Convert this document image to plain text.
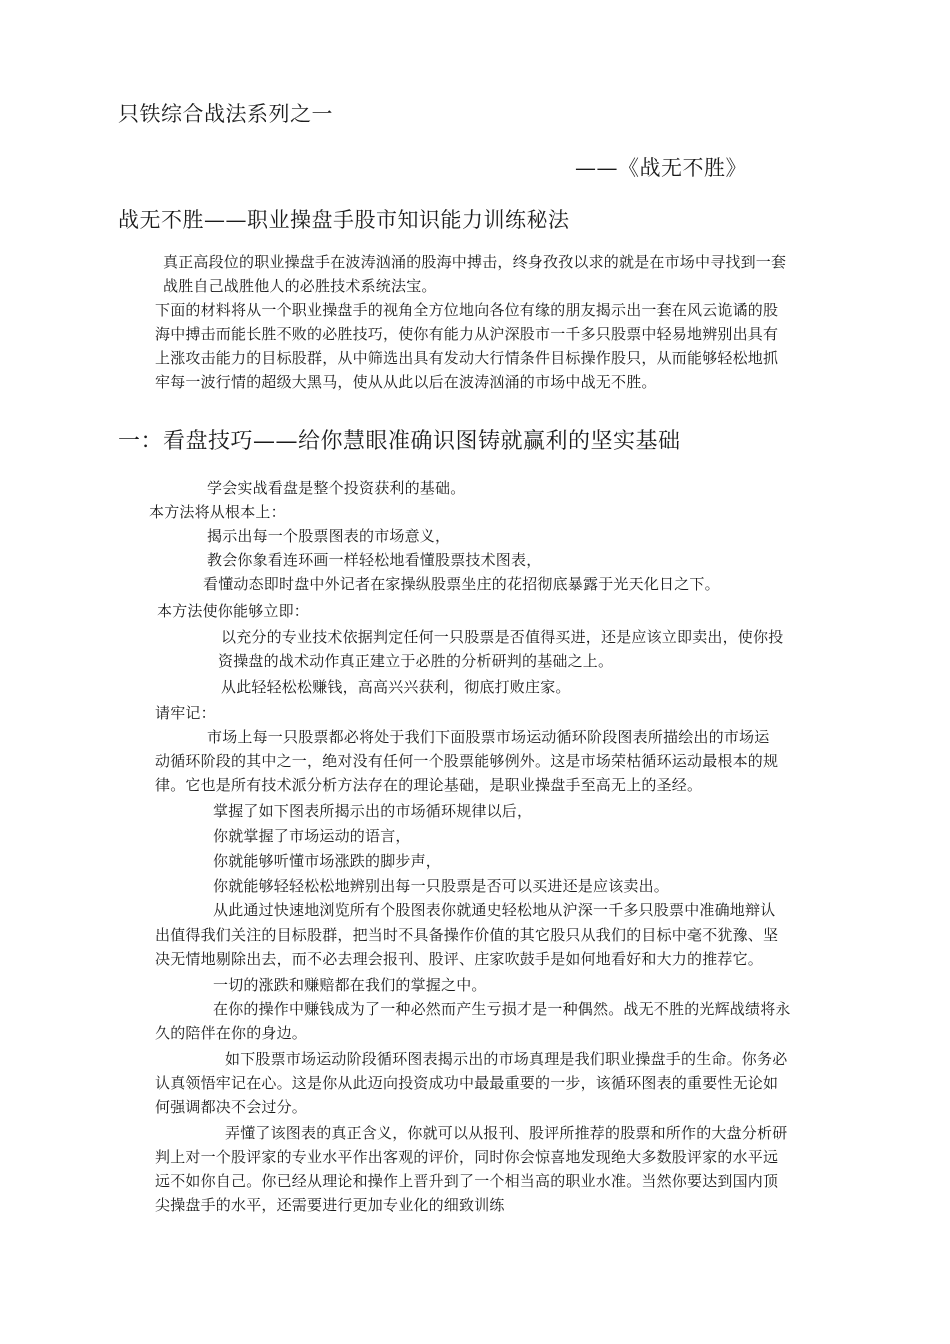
只铁综合战法系列之一

——《战无不胜》

战无不胜——职业操盘手股市知识能力训练秘法

真正高段位的职业操盘手在波涛汹涌的股海中搏击，终身孜孜以求的就是在市场中寻找到一套

战胜自己战胜他人的必胜技术系统法宝。

下面的材料将从一个职业操盘手的视角全方位地向各位有缘的朋友揭示出一套在风云诡谲的股

海中搏击而能长胜不败的必胜技巧，使你有能力从沪深股市一千多只股票中轻易地辨别出具有

上涨攻击能力的目标股群，从中筛选出具有发动大行情条件目标操作股只，从而能够轻松地抓

牢每一波行情的超级大黑马，使从从此以后在波涛汹涌的市场中战无不胜。

一：看盘技巧——给你慧眼准确识图铸就赢利的坚实基础

学会实战看盘是整个投资获利的基础。

本方法将从根本上：

揭示出每一个股票图表的市场意义，

教会你象看连环画一样轻松地看懂股票技术图表，

看懂动态即时盘中外记者在家操纵股票坐庄的花招彻底暴露于光天化日之下。

本方法使你能够立即：

以充分的专业技术依据判定任何一只股票是否值得买进，还是应该立即卖出，使你投

资操盘的战术动作真正建立于必胜的分析研判的基础之上。

从此轻轻松松赚钱，高高兴兴获利，彻底打败庄家。

请牢记：

市场上每一只股票都必将处于我们下面股票市场运动循环阶段图表所描绘出的市场运

动循环阶段的其中之一，绝对没有任何一个股票能够例外。这是市场荣枯循环运动最根本的规

律。它也是所有技术派分析方法存在的理论基础，是职业操盘手至高无上的圣经。

掌握了如下图表所揭示出的市场循环规律以后，

你就掌握了市场运动的语言，

你就能够听懂市场涨跌的脚步声，

你就能够轻轻松松地辨别出每一只股票是否可以买进还是应该卖出。

从此通过快速地浏览所有个股图表你就通史轻松地从沪深一千多只股票中准确地辩认

出值得我们关注的目标股群，把当时不具备操作价值的其它股只从我们的目标中毫不犹豫、坚

决无情地剔除出去，而不必去理会报刊、股评、庄家吹鼓手是如何地看好和大力的推荐它。

一切的涨跌和赚赔都在我们的掌握之中。

在你的操作中赚钱成为了一种必然而产生亏损才是一种偶然。战无不胜的光辉战绩将永

久的陪伴在你的身边。

如下股票市场运动阶段循环图表揭示出的市场真理是我们职业操盘手的生命。你务必

认真领悟牢记在心。这是你从此迈向投资成功中最最重要的一步，该循环图表的重要性无论如

何强调都决不会过分。

弄懂了该图表的真正含义，你就可以从报刊、股评所推荐的股票和所作的大盘分析研

判上对一个股评家的专业水平作出客观的评价，同时你会惊喜地发现绝大多数股评家的水平远

远不如你自己。你已经从理论和操作上晋升到了一个相当高的职业水准。当然你要达到国内顶

尖操盘手的水平，还需要进行更加专业化的细致训练
